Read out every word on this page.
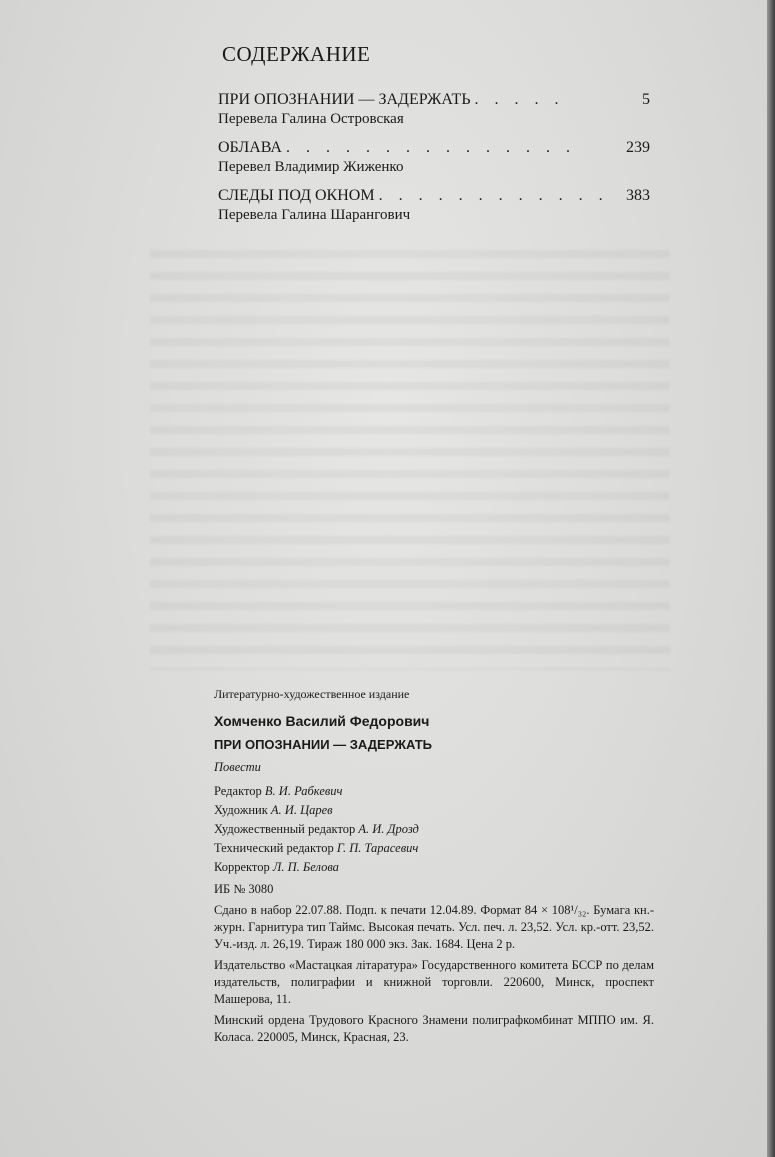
СОДЕРЖАНИЕ
ПРИ ОПОЗНАНИИ — ЗАДЕРЖАТЬ . . . . .	5
Перевела Галина Островская
ОБЛАВА . . . . . . . . . . . . . . .	239
Перевел Владимир Жиженко
СЛЕДЫ ПОД ОКНОМ . . . . . . . . . . . .	383
Перевела Галина Шарангович
Литературно-художественное издание
Хомченко Василий Федорович
ПРИ ОПОЗНАНИИ — ЗАДЕРЖАТЬ
Повести
Редактор В. И. Рабкевич
Художник А. И. Царев
Художественный редактор А. И. Дрозд
Технический редактор Г. П. Тарасевич
Корректор Л. П. Белова
ИБ № 3080
Сдано в набор 22.07.88. Подп. к печати 12.04.89. Формат 84 × 108¹/₃₂. Бумага кн.-журн. Гарнитура тип Таймс. Высокая печать. Усл. печ. л. 23,52. Усл. кр.-отт. 23,52. Уч.-изд. л. 26,19. Тираж 180 000 экз. Зак. 1684. Цена 2 р.
Издательство «Мастацкая літаратура» Государственного комитета БССР по делам издательств, полиграфии и книжной торговли. 220600, Минск, проспект Машерова, 11.
Минский ордена Трудового Красного Знамени полиграфкомбинат МППО им. Я. Коласа. 220005, Минск, Красная, 23.
